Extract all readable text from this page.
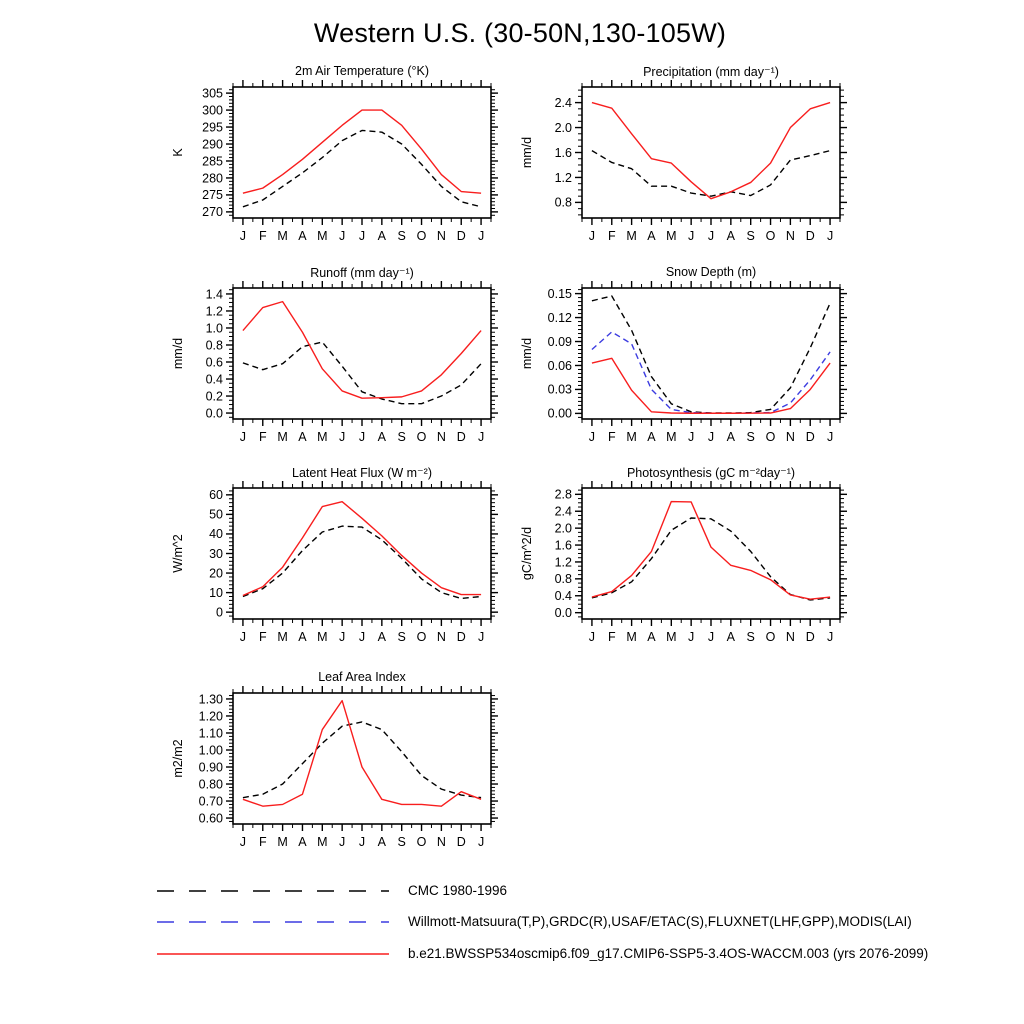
Western U.S. (30-50N,130-105W)
2m Air Temperature (°K)
270
275
280
285
290
295
300
305
J F M A M J J A S O N D J
K
Precipitation (mm day⁻¹)
0.8
1.2
1.6
2.0
2.4
J F M A M J J A S O N D J
mm/d
Runoff (mm day⁻¹)
0.0
0.2
0.4
0.6
0.8
1.0
1.2
1.4
J F M A M J J A S O N D J
mm/d
Snow Depth (m)
0.00
0.03
0.06
0.09
0.12
0.15
J F M A M J J A S O N D J
mm/d
Latent Heat Flux (W m⁻²)
0
10
20
30
40
50
60
J F M A M J J A S O N D J
W/m^2
Photosynthesis (gC m⁻²day⁻¹)
0.0
0.4
0.8
1.2
1.6
2.0
2.4
2.8
J F M A M J J A S O N D J
gC/m^2/d
Leaf Area Index
0.60
0.70
0.80
0.90
1.00
1.10
1.20
1.30
J F M A M J J A S O N D J
m2/m2
CMC 1980-1996
Willmott-Matsuura(T,P),GRDC(R),USAF/ETAC(S),FLUXNET(LHF,GPP),MODIS(LAI)
b.e21.BWSSP534oscmip6.f09_g17.CMIP6-SSP5-3.4OS-WACCM.003 (yrs 2076-2099)
